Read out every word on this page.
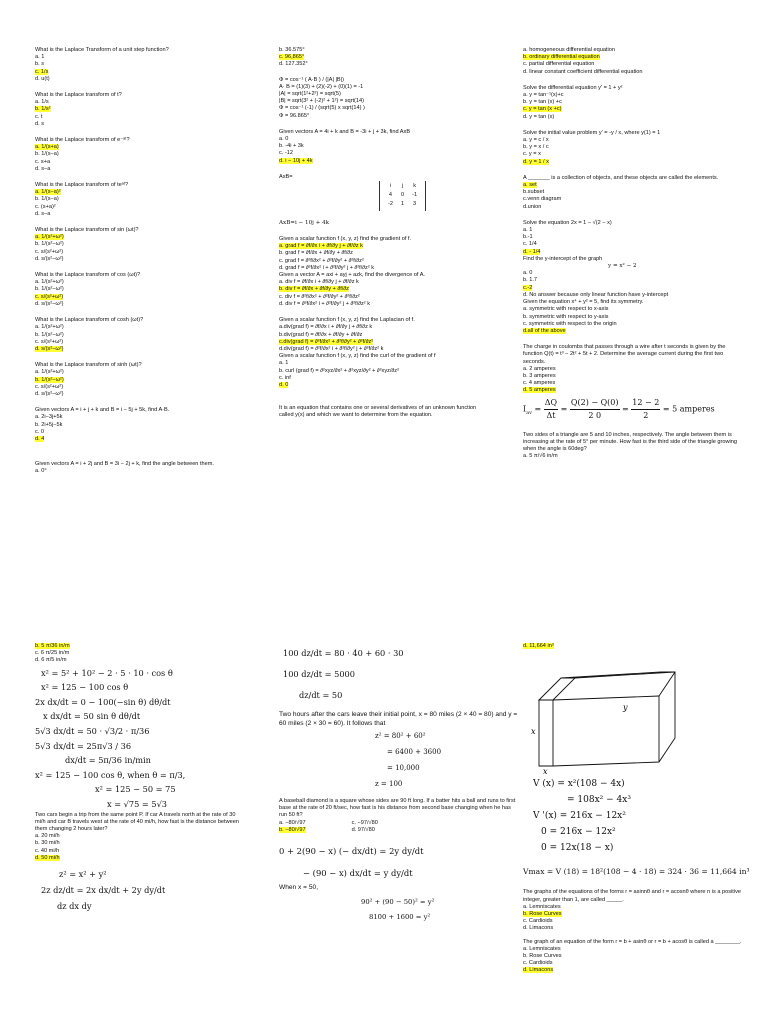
What is the Laplace Transform of a unit step function?
a. 1
b. s
c. 1/s
d. u(t)
What is the Laplace transform of t?
a. 1/s
b. 1/s²
c. t
d. s
What is the Laplace transform of e⁻ᵃᵗ?
a. 1/(s+a)
b. 1/(s−a)
c. s+a
d. s−a
What is the Laplace transform of teᵃᵗ?
a. 1/(s−a)²
b. 1/(s−a)
c. (s+a)²
d. s−a
What is the Laplace transform of sin (ωt)?
a. 1/(s²+ω²)
b. 1/(s²−ω²)
c. s/(s²+ω²)
d. s/(s²−ω²)
What is the Laplace transform of cos (ωt)?
a. 1/(s²+ω²)
b. 1/(s²−ω²)
c. s/(s²+ω²)
d. s/(s²−ω²)
What is the Laplace transform of cosh (ωt)?
a. 1/(s²+ω²)
b. 1/(s²−ω²)
c. s/(s²+ω²)
d. s/(s²−ω²)
What is the Laplace transform of sinh (ωt)?
a. 1/(s²+ω²)
b. 1/(s²−ω²)
c. s/(s²+ω²)
d. s/(s²−ω²)
Given vectors A = i + j + k and B = i − 5j + 5k, find A·B.
a. 2i−3j+5k
b. 2i+5j−5k
c. 0
d. 4
Given vectors A = i + 2j and B = 3i − 2j + k, find the angle between them.
a. 0°
b. 36.575°
c. 96,865°
d. 127.352°
Φ = cos⁻¹ ( A·B ) / (|A| |B|)
A· B = (1)(3) + (2)(-2) + (0)(1) = -1
|A| = sqrt(1²+2²) = sqrt(5)
|B| = sqrt(3² + (-2)² + 1²) = sqrt(14)
Φ = cos⁻¹ (-1) / (sqrt(5) x sqrt(14) )
Φ = 96.865°
Given vectors A = 4i + k and B = -3i + j + 3k, find AxB
a. 0
b. -4i + 3k
c. -12
d. i − 10j + 4k
AxB=
i	j	k
4	0	-1
-2	1	3
AxB=i − 10j + 4k
Given a scalar function f (x, y, z) find the gradient of f.
a. grad f = ∂f/∂x i + ∂f/∂y j + ∂f/∂z k
b. grad f = ∂f/∂x + ∂f/∂y + ∂f/∂z
c. grad f = ∂²f/∂x² + ∂²f/∂y² + ∂²f/∂z²
d. grad f = ∂²f/∂x² i + ∂²f/∂y² j + ∂²f/∂z² k
Given a vector A = axi + ayj + azk, find the divergence of A.
a. div f = ∂f/∂x i + ∂f/∂y j + ∂f/∂z k
b. div f = ∂f/∂x + ∂f/∂y + ∂f/∂z
c. div f = ∂²f/∂x² + ∂²f/∂y² + ∂²f/∂z²
d. div f = ∂²f/∂x² i + ∂²f/∂y² j + ∂²f/∂z² k
Given a scalar function f (x, y, z) find the Laplacian of f.
a.div(grad f) = ∂f/∂x i + ∂f/∂y j + ∂f/∂z k
b.div(grad f) = ∂f/∂x + ∂f/∂y + ∂f/∂z
c.div(grad f) = ∂²f/∂x² + ∂²f/∂y² + ∂²f/∂z²
d.div(grad f) = ∂²f/∂x² i + ∂²f/∂y² j + ∂²f/∂z² k
Given a scalar function f (x, y, z) find the curl of the gradient of f
a. 1
b. curl (grad f) = ∂²xyz/∂x² + ∂²xyz/∂y² + ∂²xyz/∂z²
c. inf
d. 0
It is an equation that contains one or several derivatives of an unknown function called y(x) and which we want to determine from the equation.
a. homogeneous differential equation
b. ordinary differential equation
c. partial differential equation
d. linear constant coefficient differential equation
Solve the differential equation y' = 1 + y²
a. y = tan⁻¹(x)+c
b. y = tan (x) +c
c. y = tan (x +c)
d. y = tan (x)
Solve the initial value problem y' = -y / x, where y(1) = 1
a. y = c / x
b. y = x / c
c. y = x
d. y = 1 / x
A _______ is a collection of objects, and these objects are called the elements.
a. set
b.subset
c.venn diagram
d.union
Solve the equation 2x = 1 − √(2 − x)
a. 1
b.-1
c. 1/4
d. - 1/4
Find the y-intercept of the graph
y = x² − 2
a. 0
b. 1.7
c.-2
d. No answer because only linear function have y-intercept
Given the equation x⁴ + y² = 5, find its symmetry.
a. symmetric with respect to x-axis
b. symmetric with respect to y-axis
c. symmetric with respect to the origin
d.all of the above
The charge in coulombs that passes through a wire after t seconds is given by the function Q(t) = t³ − 2t² + 5t + 2. Determine the average current during the first two seconds.
a. 2 amperes
b. 3 amperes
c. 4 amperes
d. 5 amperes
$I_{av} = \frac{\Delta Q}{\Delta t} = \frac{Q(2) - Q(0)}{2 0} = \frac{12 - 2}{2} = 5$ amperes
Two sides of a triangle are 5 and 10 inches, respectively. The angle between them is increasing at the rate of 5° per minute. How fast is the third side of the triangle growing when the angle is 60deg?
a. 5 π/√6 in/m
b. 5 π/36 in/m
c. 6 π/25 in/m
d. 6 π/5 in/m
x² = 5² + 10² − 2 · 5 · 10 · cos θ
x² = 125 − 100 cos θ
2x dx/dt = 0 − 100(−sin θ) dθ/dt
x dx/dt = 50 sin θ dθ/dt
5√3 dx/dt = 50 · √3/2 · π/36
5√3 dx/dt = 25π√3 / 36
dx/dt = 5π/36 in/min
x² = 125 − 100 cos θ, when θ = π/3,
x² = 125 − 50 = 75
x = √75 = 5√3
Two cars begin a trip from the same point P. If car A travels north at the rate of 30 mi/h and car B travels west at the rate of 40 mi/h, how fast is the distance between them changing 2 hours later?
a. 20 mi/h
b. 30 mi/h
c. 40 mi/h
d. 50 mi/h
z² = x² + y²
2z dz/dt = 2x dx/dt + 2y dy/dt
dz dx dy
100 dz/dt = 80 · 40 + 60 · 30
100 dz/dt = 5000
dz/dt = 50
Two hours after the cars leave their initial point, x = 80 miles (2 × 40 = 80) and y = 60 miles (2 × 30 = 60). It follows that
z² = 80² + 60²
= 6400 + 3600
= 10,000
z = 100
A baseball diamond is a square whose sides are 90 ft long. If a batter hits a ball and runs to first base at the rate of 20 ft/sec, how fast is his distance from second base changing when he has run 50 ft?
a. −80/√97
b. −80/√97
c. −97/√80
d. 97/√80
0 + 2(90 − x) (− dx/dt) = 2y dy/dt
− (90 − x) dx/dt = y dy/dt
When x = 50,
90² + (90 − 50)² = y²
8100 + 1600 = y²
d. 11,664 in³
x
y
x
V (x) = x²(108 − 4x)
= 108x² − 4x³
V '(x) = 216x − 12x²
0 = 216x − 12x²
0 = 12x(18 − x)
Vmax = V (18) = 18²(108 − 4 · 18) = 324 · 36 = 11,664 in³
The graphs of the equations of the forms r = asinnθ and r = acosnθ where n is a positive integer, greater than 1, are called _____.
a. Lemniscates
b. Rose Curves
c. Cardioids
d. Limacons
The graph of an equation of the form r = b + asinθ or r = b + acosθ is called a ________.
a. Lemniscates
b. Rose Curves
c. Cardioids
d. Limacons
